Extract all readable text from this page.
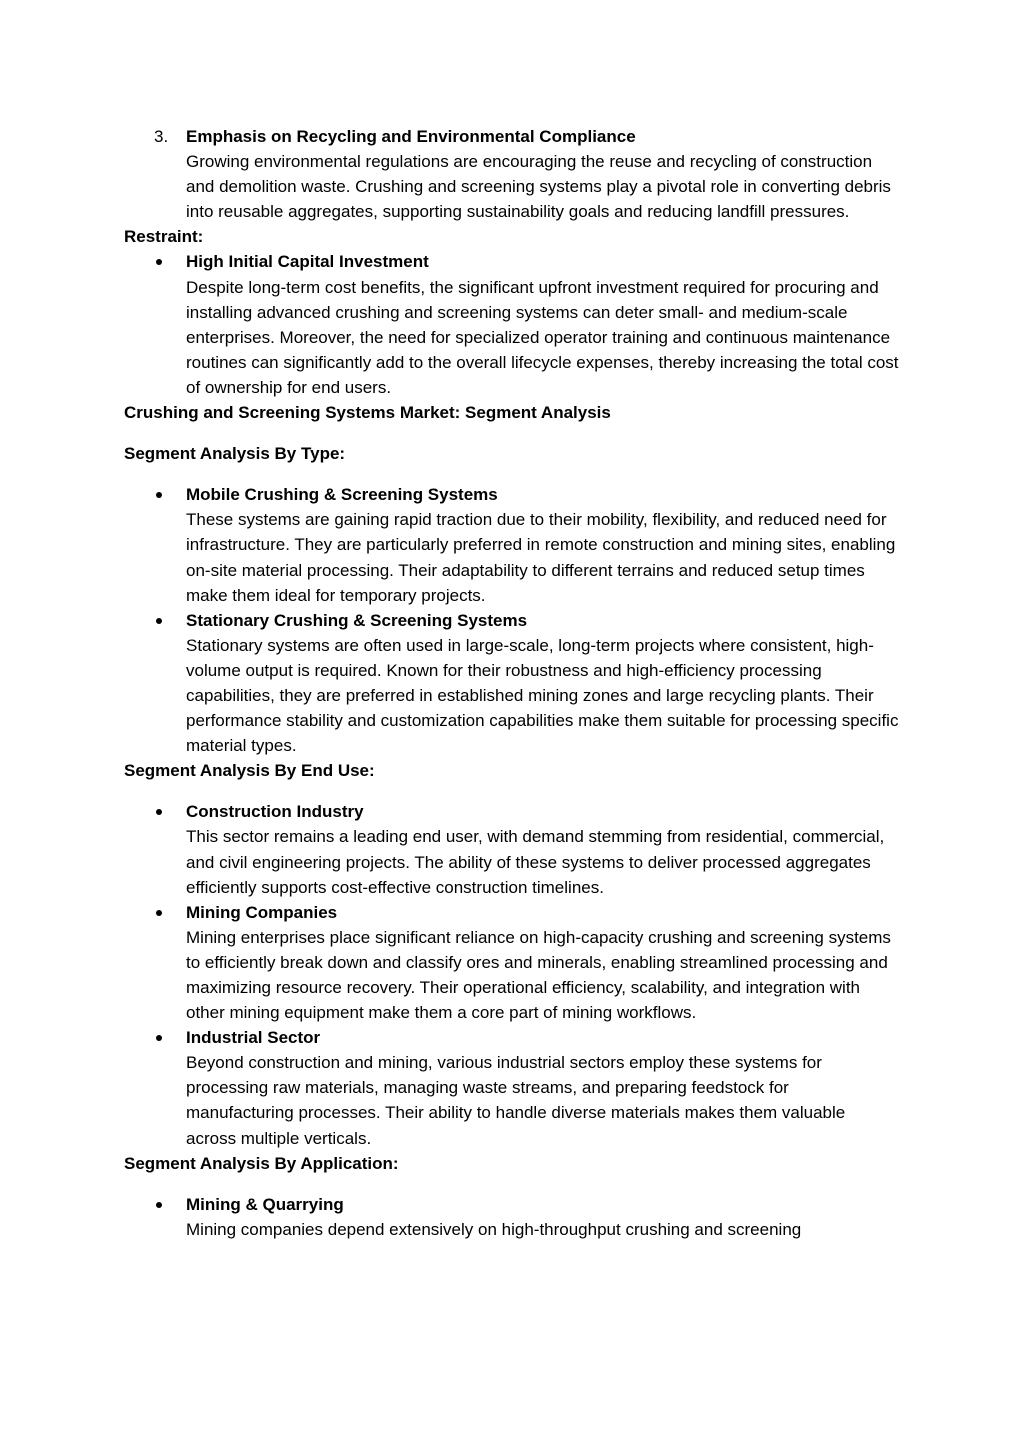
3. Emphasis on Recycling and Environmental Compliance
Growing environmental regulations are encouraging the reuse and recycling of construction and demolition waste. Crushing and screening systems play a pivotal role in converting debris into reusable aggregates, supporting sustainability goals and reducing landfill pressures.

Restraint:

High Initial Capital Investment
Despite long-term cost benefits, the significant upfront investment required for procuring and installing advanced crushing and screening systems can deter small- and medium-scale enterprises. Moreover, the need for specialized operator training and continuous maintenance routines can significantly add to the overall lifecycle expenses, thereby increasing the total cost of ownership for end users.

Crushing and Screening Systems Market: Segment Analysis

Segment Analysis By Type:

Mobile Crushing & Screening Systems
These systems are gaining rapid traction due to their mobility, flexibility, and reduced need for infrastructure. They are particularly preferred in remote construction and mining sites, enabling on-site material processing. Their adaptability to different terrains and reduced setup times make them ideal for temporary projects.
Stationary Crushing & Screening Systems
Stationary systems are often used in large-scale, long-term projects where consistent, high-volume output is required. Known for their robustness and high-efficiency processing capabilities, they are preferred in established mining zones and large recycling plants. Their performance stability and customization capabilities make them suitable for processing specific material types.

Segment Analysis By End Use:

Construction Industry
This sector remains a leading end user, with demand stemming from residential, commercial, and civil engineering projects. The ability of these systems to deliver processed aggregates efficiently supports cost-effective construction timelines.
Mining Companies
Mining enterprises place significant reliance on high-capacity crushing and screening systems to efficiently break down and classify ores and minerals, enabling streamlined processing and maximizing resource recovery. Their operational efficiency, scalability, and integration with other mining equipment make them a core part of mining workflows.
Industrial Sector
Beyond construction and mining, various industrial sectors employ these systems for processing raw materials, managing waste streams, and preparing feedstock for manufacturing processes. Their ability to handle diverse materials makes them valuable across multiple verticals.

Segment Analysis By Application:

Mining & Quarrying
Mining companies depend extensively on high-throughput crushing and screening
